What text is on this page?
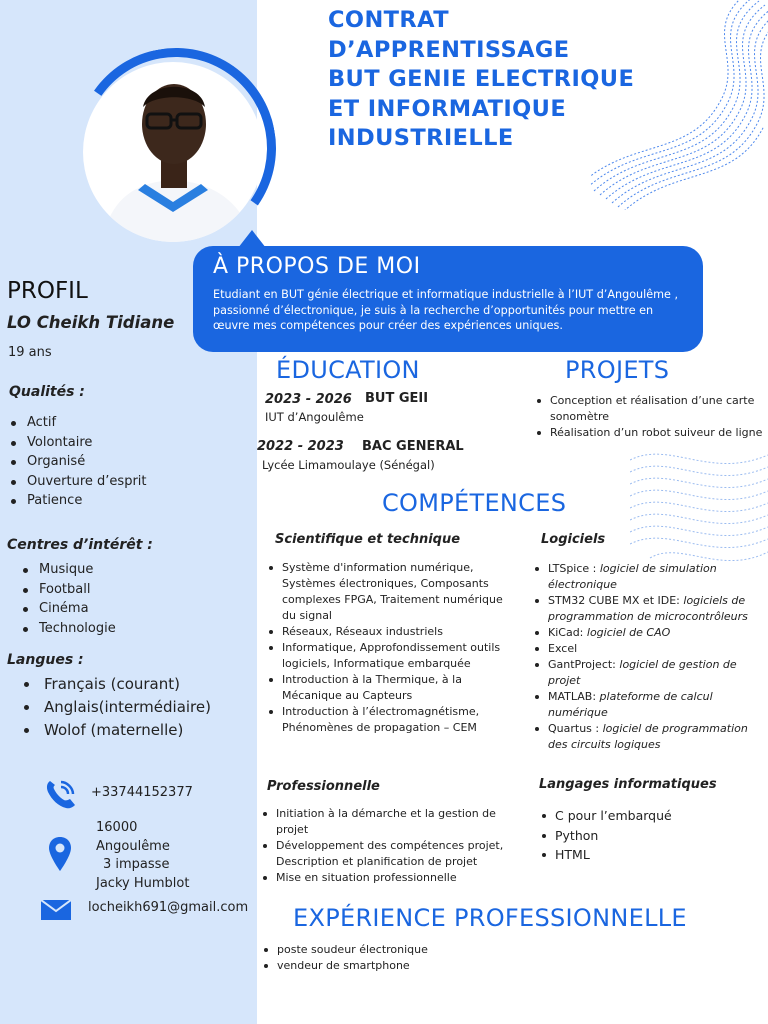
CONTRAT
D’APPRENTISSAGE
BUT GENIE ELECTRIQUE
ET INFORMATIQUE
INDUSTRIELLE
À PROPOS DE MOI

Etudiant en BUT génie électrique et informatique industrielle à l’IUT d’Angoulême , passionné d’électronique, je suis à la recherche d’opportunités pour mettre en œuvre mes compétences pour créer des expériences uniques.

PROFIL
LO Cheikh Tidiane
19 ans
Qualités :
Actif
Volontaire
Organisé
Ouverture d’esprit
Patience
Centres d’intérêt :
Musique
Football
Cinéma
Technologie
Langues :
Français (courant)
Anglais(intermédiaire)
Wolof (maternelle)
+33744152377
16000
Angoulême
3 impasse
Jacky Humblot
locheikh691@gmail.com
ÉDUCATION
2023 - 2026 BUT GEII
IUT d’Angoulême
2022 - 2023 BAC GENERAL
Lycée Limamoulaye (Sénégal)
PROJETS
Conception et réalisation d’une carte sonomètre
Réalisation d’un robot suiveur de ligne
COMPÉTENCES
Scientifique et technique
Système d'information numérique, Systèmes électroniques, Composants complexes FPGA, Traitement numérique du signal
Réseaux, Réseaux industriels
Informatique, Approfondissement outils logiciels, Informatique embarquée
Introduction à la Thermique, à la Mécanique au Capteurs
Introduction à l’électromagnétisme, Phénomènes de propagation – CEM
Logiciels
LTSpice : logiciel de simulation électronique
STM32 CUBE MX et IDE: logiciels de programmation de microcontrôleurs
KiCad: logiciel de CAO
Excel
GantProject: logiciel de gestion de projet
MATLAB: plateforme de calcul numérique
Quartus : logiciel de programmation des circuits logiques
Professionnelle
Initiation à la démarche et la gestion de projet
Développement des compétences projet, Description et planification de projet
Mise en situation professionnelle
Langages informatiques
C pour l’embarqué
Python
HTML
EXPÉRIENCE PROFESSIONNELLE
poste soudeur électronique
vendeur de smartphone
